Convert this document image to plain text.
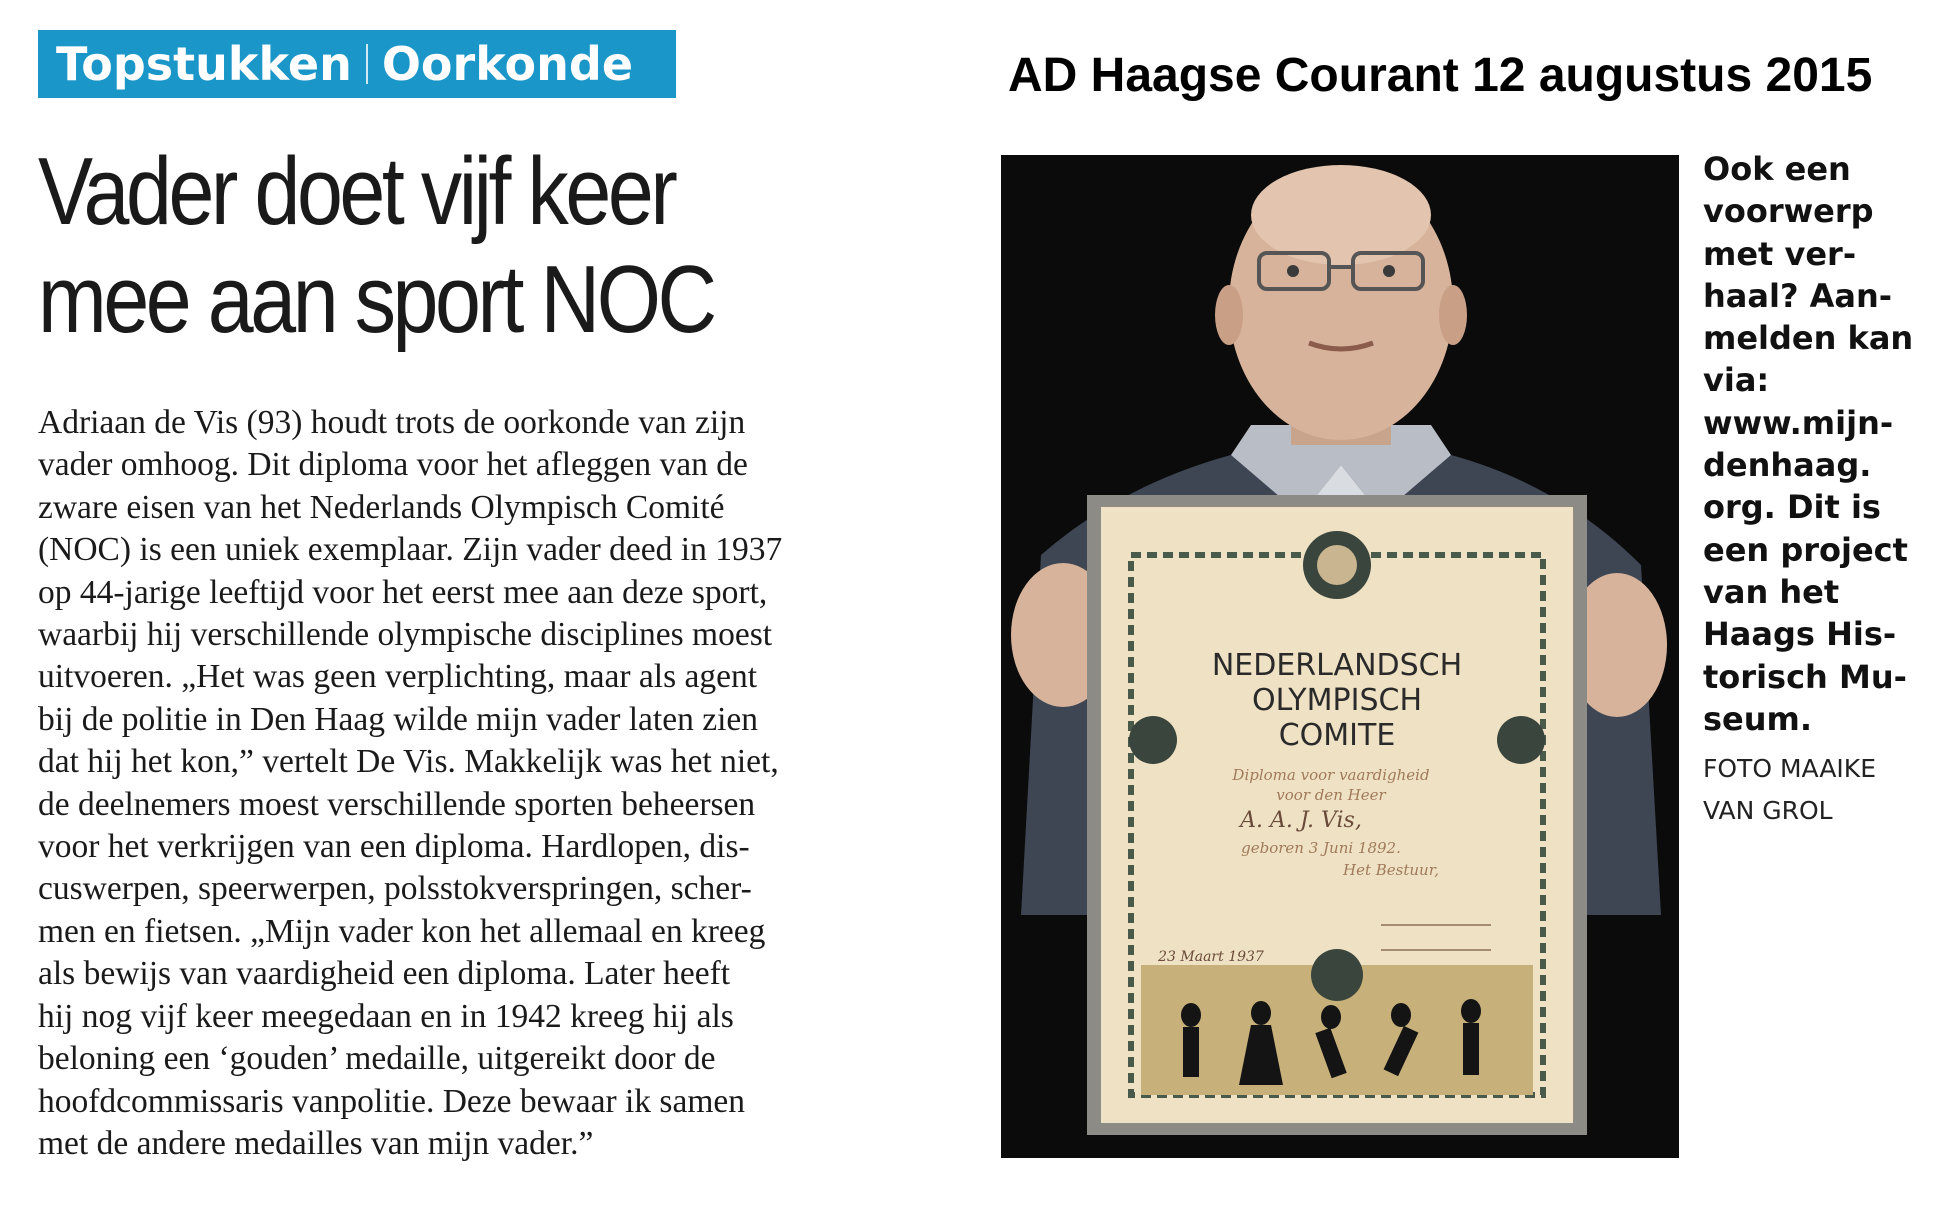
Topstukken Oorkonde	AD Haagse Courant 12 augustus 2015
Vader doet vijf keer
mee aan sport NOC
Adriaan de Vis (93) houdt trots de oorkonde van zijn
vader omhoog. Dit diploma voor het afleggen van de
zware eisen van het Nederlands Olympisch Comité
(NOC) is een uniek exemplaar. Zijn vader deed in 1937
op 44-jarige leeftijd voor het eerst mee aan deze sport,
waarbij hij verschillende olympische disciplines moest
uitvoeren. „Het was geen verplichting, maar als agent
bij de politie in Den Haag wilde mijn vader laten zien
dat hij het kon,” vertelt De Vis. Makkelijk was het niet,
de deelnemers moest verschillende sporten beheersen
voor het verkrijgen van een diploma. Hardlopen, dis-
cuswerpen, speerwerpen, polsstokverspringen, scher-
men en fietsen. „Mijn vader kon het allemaal en kreeg
als bewijs van vaardigheid een diploma. Later heeft
hij nog vijf keer meegedaan en in 1942 kreeg hij als
beloning een ‘gouden’ medaille, uitgereikt door de
hoofdcommissaris vanpolitie. Deze bewaar ik samen
met de andere medailles van mijn vader.”
NEDERLANDSCH
OLYMPISCH
COMITE
Diploma voor vaardigheid
voor den Heer
A. A. J. Vis,
geboren 3 Juni 1892.
Het Bestuur,
23 Maart 1937
Ook een
voorwerp
met ver-
haal? Aan-
melden kan
via:
www.mijn-
denhaag.
org. Dit is
een project
van het
Haags His-
torisch Mu-
seum.
FOTO MAAIKE
VAN GROL
